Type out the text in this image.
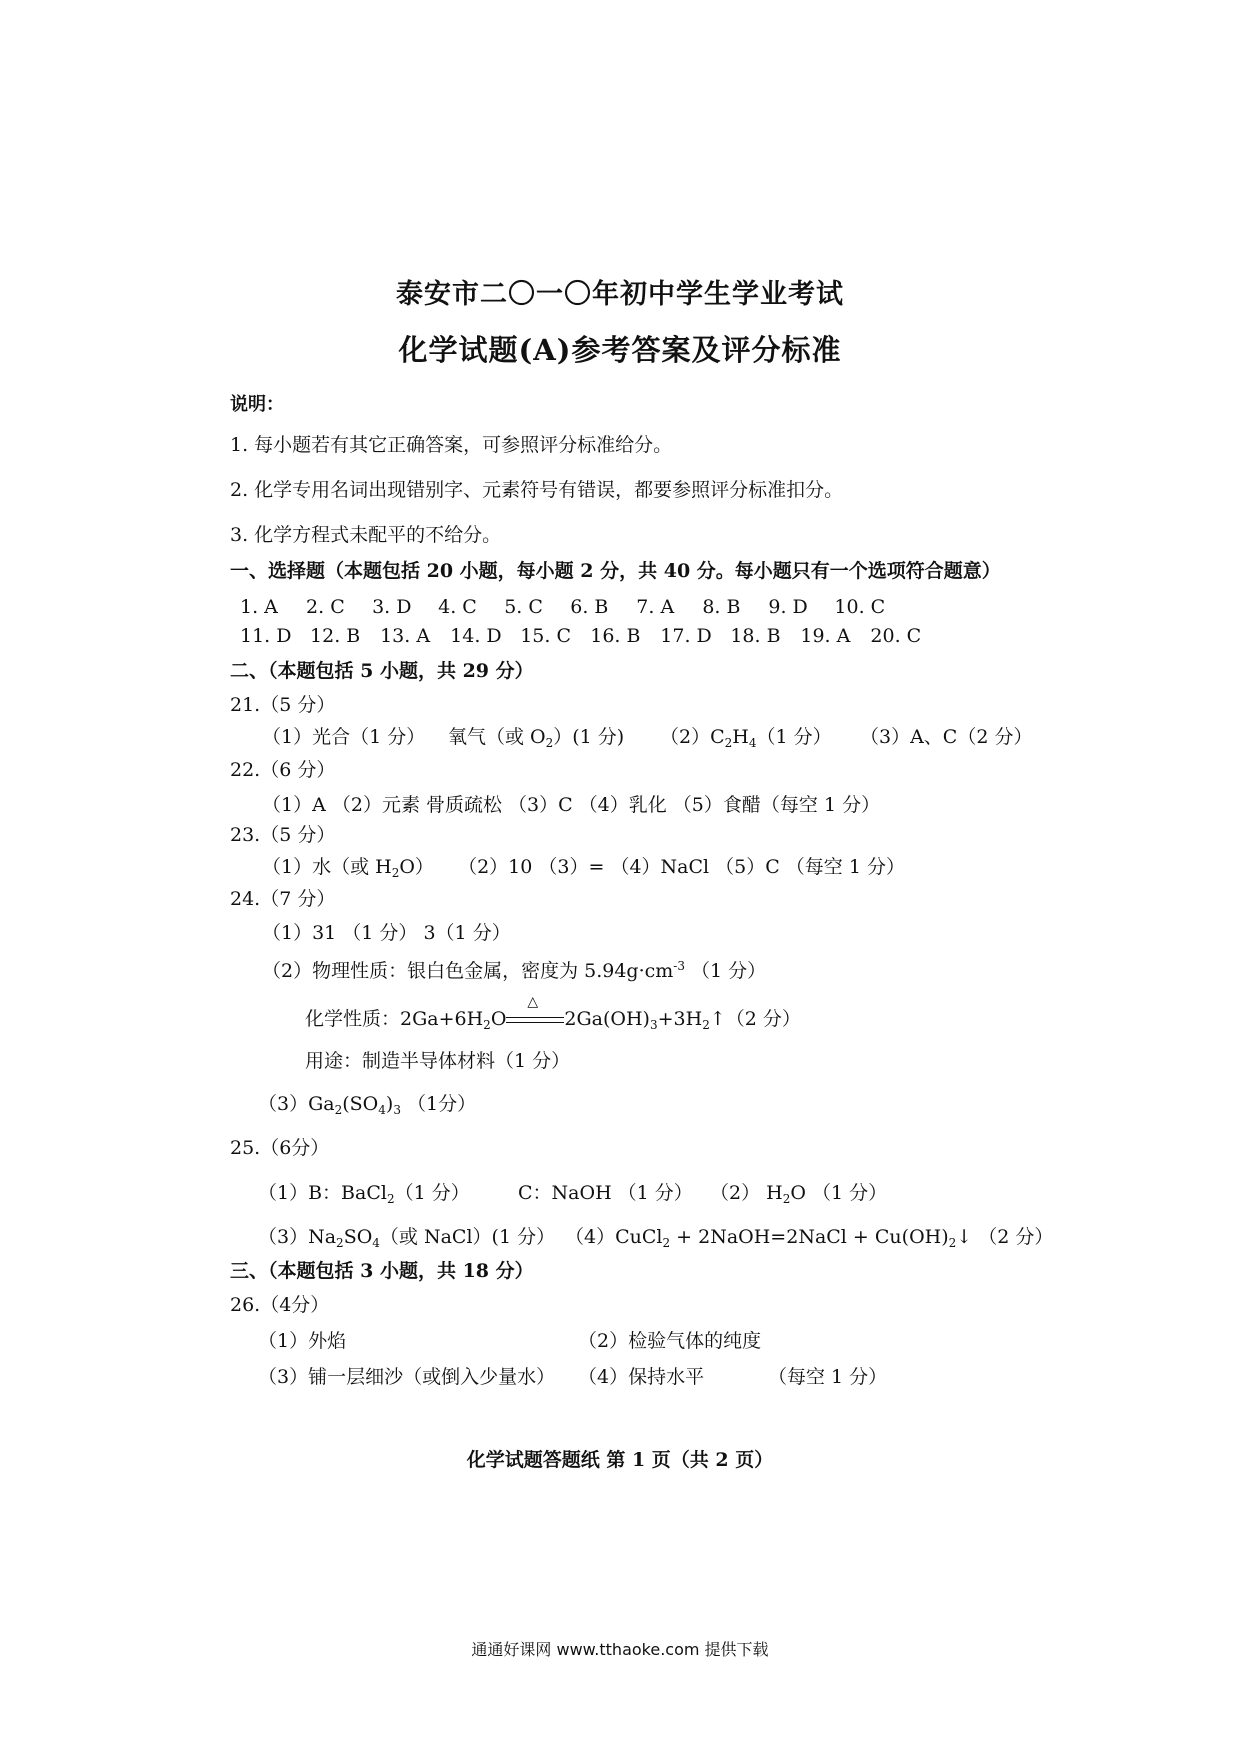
泰安市二〇一〇年初中学生学业考试
化学试题(A)参考答案及评分标准
说明：
1. 每小题若有其它正确答案，可参照评分标准给分。
2. 化学专用名词出现错别字、元素符号有错误，都要参照评分标准扣分。
3. 化学方程式未配平的不给分。
一、选择题（本题包括 20 小题，每小题 2 分，共 40 分。每小题只有一个选项符合题意）
1. A 2. C 3. D 4. C 5. C 6. B 7. A 8. B 9. D 10. C
11. D 12. B 13. A 14. D 15. C 16. B 17. D 18. B 19. A 20. C
二、（本题包括 5 小题，共 29 分）
21.（5 分）
（1）光合（1 分） 氧气（或 $O_2)(1$ 分) $(2)C_2H_4(1$ 分） （3）A、C（2 分）
22.（6 分）
（1）A （2）元素 骨质疏松 （3）C （4）乳化 （5）食醋（每空 1 分）
23.（5 分）
（1）水（或 $H_2O$） （2）10 （3）= （4）NaCl （5）C （每空 1 分）
24.（7 分）
（1）31 （1 分） 3（1 分）
（2）物理性质：银白色金属，密度为 $5.94g\cdot cm^{-3}$ （1 分）
化学性质：$2Ga+6H_2O$
△
$2Ga(OH)_3+3H_2↑(2$ 分）
用途：制造半导体材料（1 分）
$(3)Ga_2(SO_4)_3$ （1分）
25.（6分）
（1）B：BaCl$_2$（1 分）	C：NaOH （1 分） （2） $H_2O$ （1 分）
$(3)Na_2SO_4$（或 NaCl）(1 分） （4）CuCl$_2$ + 2NaOH=2NaCl + $Cu(OH)_2↓$ （2 分）
三、（本题包括 3 小题，共 18 分）
26.（4分）
（1）外焰	（2）检验气体的纯度
（3）铺一层细沙（或倒入少量水） （4）保持水平	（每空 1 分）
化学试题答题纸 第 1 页（共 2 页）
通通好课网 www.tthaoke.com 提供下载
